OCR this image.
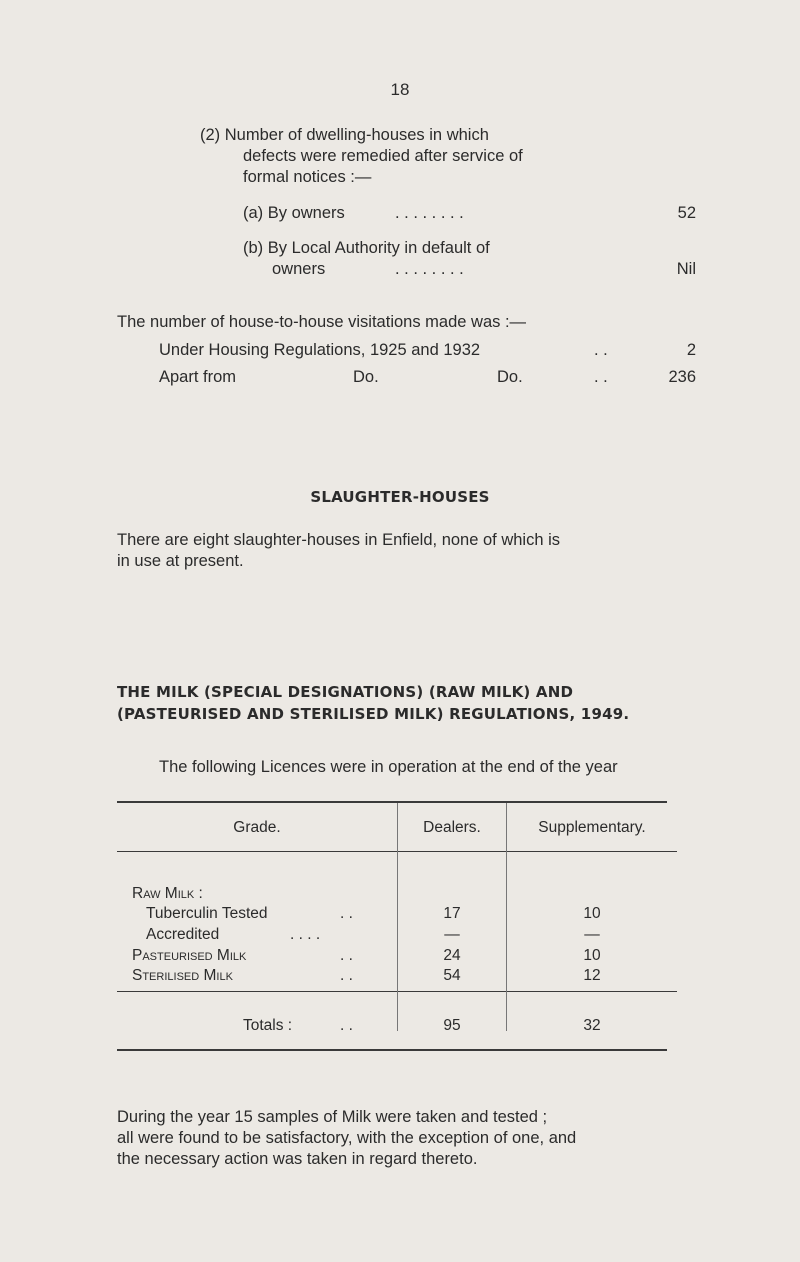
18
(2) Number of dwelling-houses in which
defects were remedied after service of
formal notices :—
(a) By owners	. . . . . . . .	52
(b) By Local Authority in default of
owners	. . . . . . . .	Nil
The number of house-to-house visitations made was :—
Under Housing Regulations, 1925 and 1932	. .	2
Apart from	Do.	Do.	. .	236
SLAUGHTER-HOUSES
There are eight slaughter-houses in Enfield, none of which is
in use at present.
THE MILK (SPECIAL DESIGNATIONS) (RAW MILK) AND
(PASTEURISED AND STERILISED MILK) REGULATIONS, 1949.
The following Licences were in operation at the end of the year
Grade.	Dealers.	Supplementary.
Raw Milk :
Tuberculin Tested	. .	17	10
Accredited	. . . .	—	—
Pasteurised Milk	. .	24	10
Sterilised Milk	. .	54	12
Totals :	. .	95	32
During the year 15 samples of Milk were taken and tested ;
all were found to be satisfactory, with the exception of one, and
the necessary action was taken in regard thereto.
